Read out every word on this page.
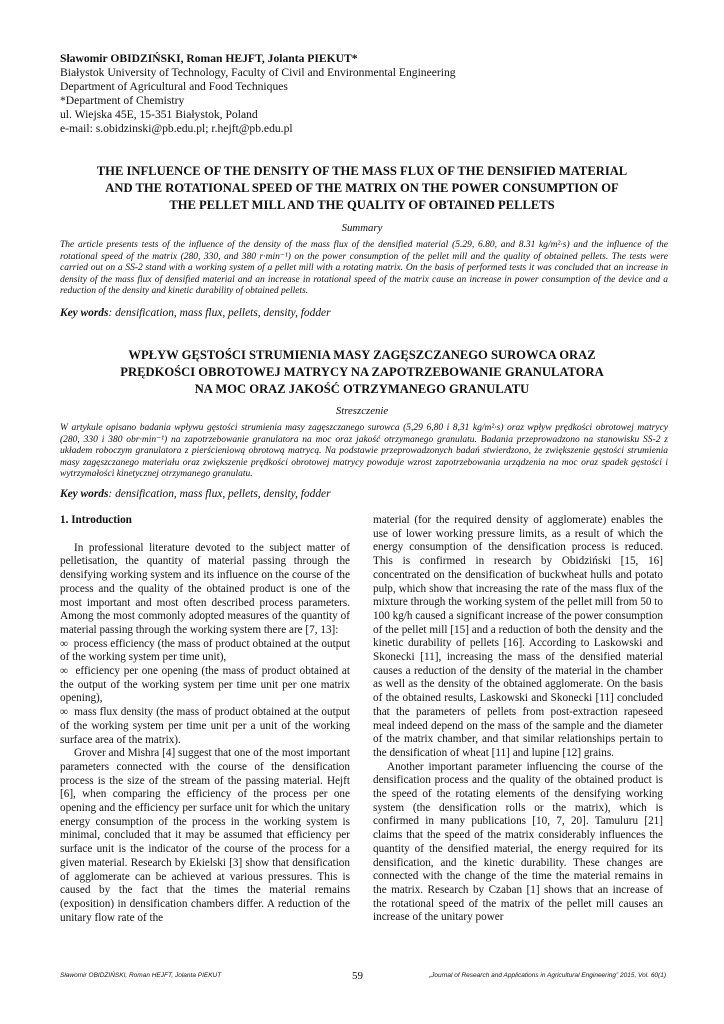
Sławomir OBIDZIŃSKI, Roman HEJFT, Jolanta PIEKUT*
Białystok University of Technology, Faculty of Civil and Environmental Engineering
Department of Agricultural and Food Techniques
*Department of Chemistry
ul. Wiejska 45E, 15-351 Białystok, Poland
e-mail: s.obidzinski@pb.edu.pl; r.hejft@pb.edu.pl
THE INFLUENCE OF THE DENSITY OF THE MASS FLUX OF THE DENSIFIED MATERIAL
AND THE ROTATIONAL SPEED OF THE MATRIX ON THE POWER CONSUMPTION OF
THE PELLET MILL AND THE QUALITY OF OBTAINED PELLETS
Summary
The article presents tests of the influence of the density of the mass flux of the densified material (5.29, 6.80, and 8.31 kg/m²·s) and the influence of the rotational speed of the matrix (280, 330, and 380 r·min⁻¹) on the power consumption of the pellet mill and the quality of obtained pellets. The tests were carried out on a SS-2 stand with a working system of a pellet mill with a rotating matrix. On the basis of performed tests it was concluded that an increase in density of the mass flux of densified material and an increase in rotational speed of the matrix cause an increase in power consumption of the device and a reduction of the density and kinetic durability of obtained pellets.
Key words: densification, mass flux, pellets, density, fodder
WPŁYW GĘSTOŚCI STRUMIENIA MASY ZAGĘSZCZANEGO SUROWCA ORAZ
PRĘDKOŚCI OBROTOWEJ MATRYCY NA ZAPOTRZEBOWANIE GRANULATORA
NA MOC ORAZ JAKOŚĆ OTRZYMANEGO GRANULATU
Streszczenie
W artykule opisano badania wpływu gęstości strumienia masy zagęszczanego surowca (5,29 6,80 i 8,31 kg/m²·s) oraz wpływ prędkości obrotowej matrycy (280, 330 i 380 obr·min⁻¹) na zapotrzebowanie granulatora na moc oraz jakość otrzymanego granulatu. Badania przeprowadzono na stanowisku SS-2 z układem roboczym granulatora z pierścieniową obrotową matrycą. Na podstawie przeprowadzonych badań stwierdzono, że zwiększenie gęstości strumienia masy zagęszczanego materiału oraz zwiększenie prędkości obrotowej matrycy powoduje wzrost zapotrzebowania urządzenia na moc oraz spadek gęstości i wytrzymałości kinetycznej otrzymanego granulatu.
Key words: densification, mass flux, pellets, density, fodder

1. Introduction

In professional literature devoted to the subject matter of pelletisation, the quantity of material passing through the densifying working system and its influence on the course of the process and the quality of the obtained product is one of the most important and most often described process parameters. Among the most commonly adopted measures of the quantity of material passing through the working system there are [7, 13]:

∞ process efficiency (the mass of product obtained at the output of the working system per time unit),

∞ efficiency per one opening (the mass of product obtained at the output of the working system per time unit per one matrix opening),

∞ mass flux density (the mass of product obtained at the output of the working system per time unit per a unit of the working surface area of the matrix).

Grover and Mishra [4] suggest that one of the most important parameters connected with the course of the densification process is the size of the stream of the passing material. Hejft [6], when comparing the efficiency of the process per one opening and the efficiency per surface unit for which the unitary energy consumption of the process in the working system is minimal, concluded that it may be assumed that efficiency per surface unit is the indicator of the course of the process for a given material. Research by Ekielski [3] show that densification of agglomerate can be achieved at various pressures. This is caused by the fact that the times the material remains (exposition) in densification chambers differ. A reduction of the unitary flow rate of the

material (for the required density of agglomerate) enables the use of lower working pressure limits, as a result of which the energy consumption of the densification process is reduced. This is confirmed in research by Obidziński [15, 16] concentrated on the densification of buckwheat hulls and potato pulp, which show that increasing the rate of the mass flux of the mixture through the working system of the pellet mill from 50 to 100 kg/h caused a significant increase of the power consumption of the pellet mill [15] and a reduction of both the density and the kinetic durability of pellets [16]. According to Laskowski and Skonecki [11], increasing the mass of the densified material causes a reduction of the density of the material in the chamber as well as the density of the obtained agglomerate. On the basis of the obtained results, Laskowski and Skonecki [11] concluded that the parameters of pellets from post-extraction rapeseed meal indeed depend on the mass of the sample and the diameter of the matrix chamber, and that similar relationships pertain to the densification of wheat [11] and lupine [12] grains.

Another important parameter influencing the course of the densification process and the quality of the obtained product is the speed of the rotating elements of the densifying working system (the densification rolls or the matrix), which is confirmed in many publications [10, 7, 20]. Tamuluru [21] claims that the speed of the matrix considerably influences the quantity of the densified material, the energy required for its densification, and the kinetic durability. These changes are connected with the change of the time the material remains in the matrix. Research by Czaban [1] shows that an increase of the rotational speed of the matrix of the pellet mill causes an increase of the unitary power

Sławomir OBIDZIŃSKI, Roman HEJFT, Jolanta PIEKUT	59	„Journal of Research and Applications in Agricultural Engineering” 2015, Vol. 60(1)
